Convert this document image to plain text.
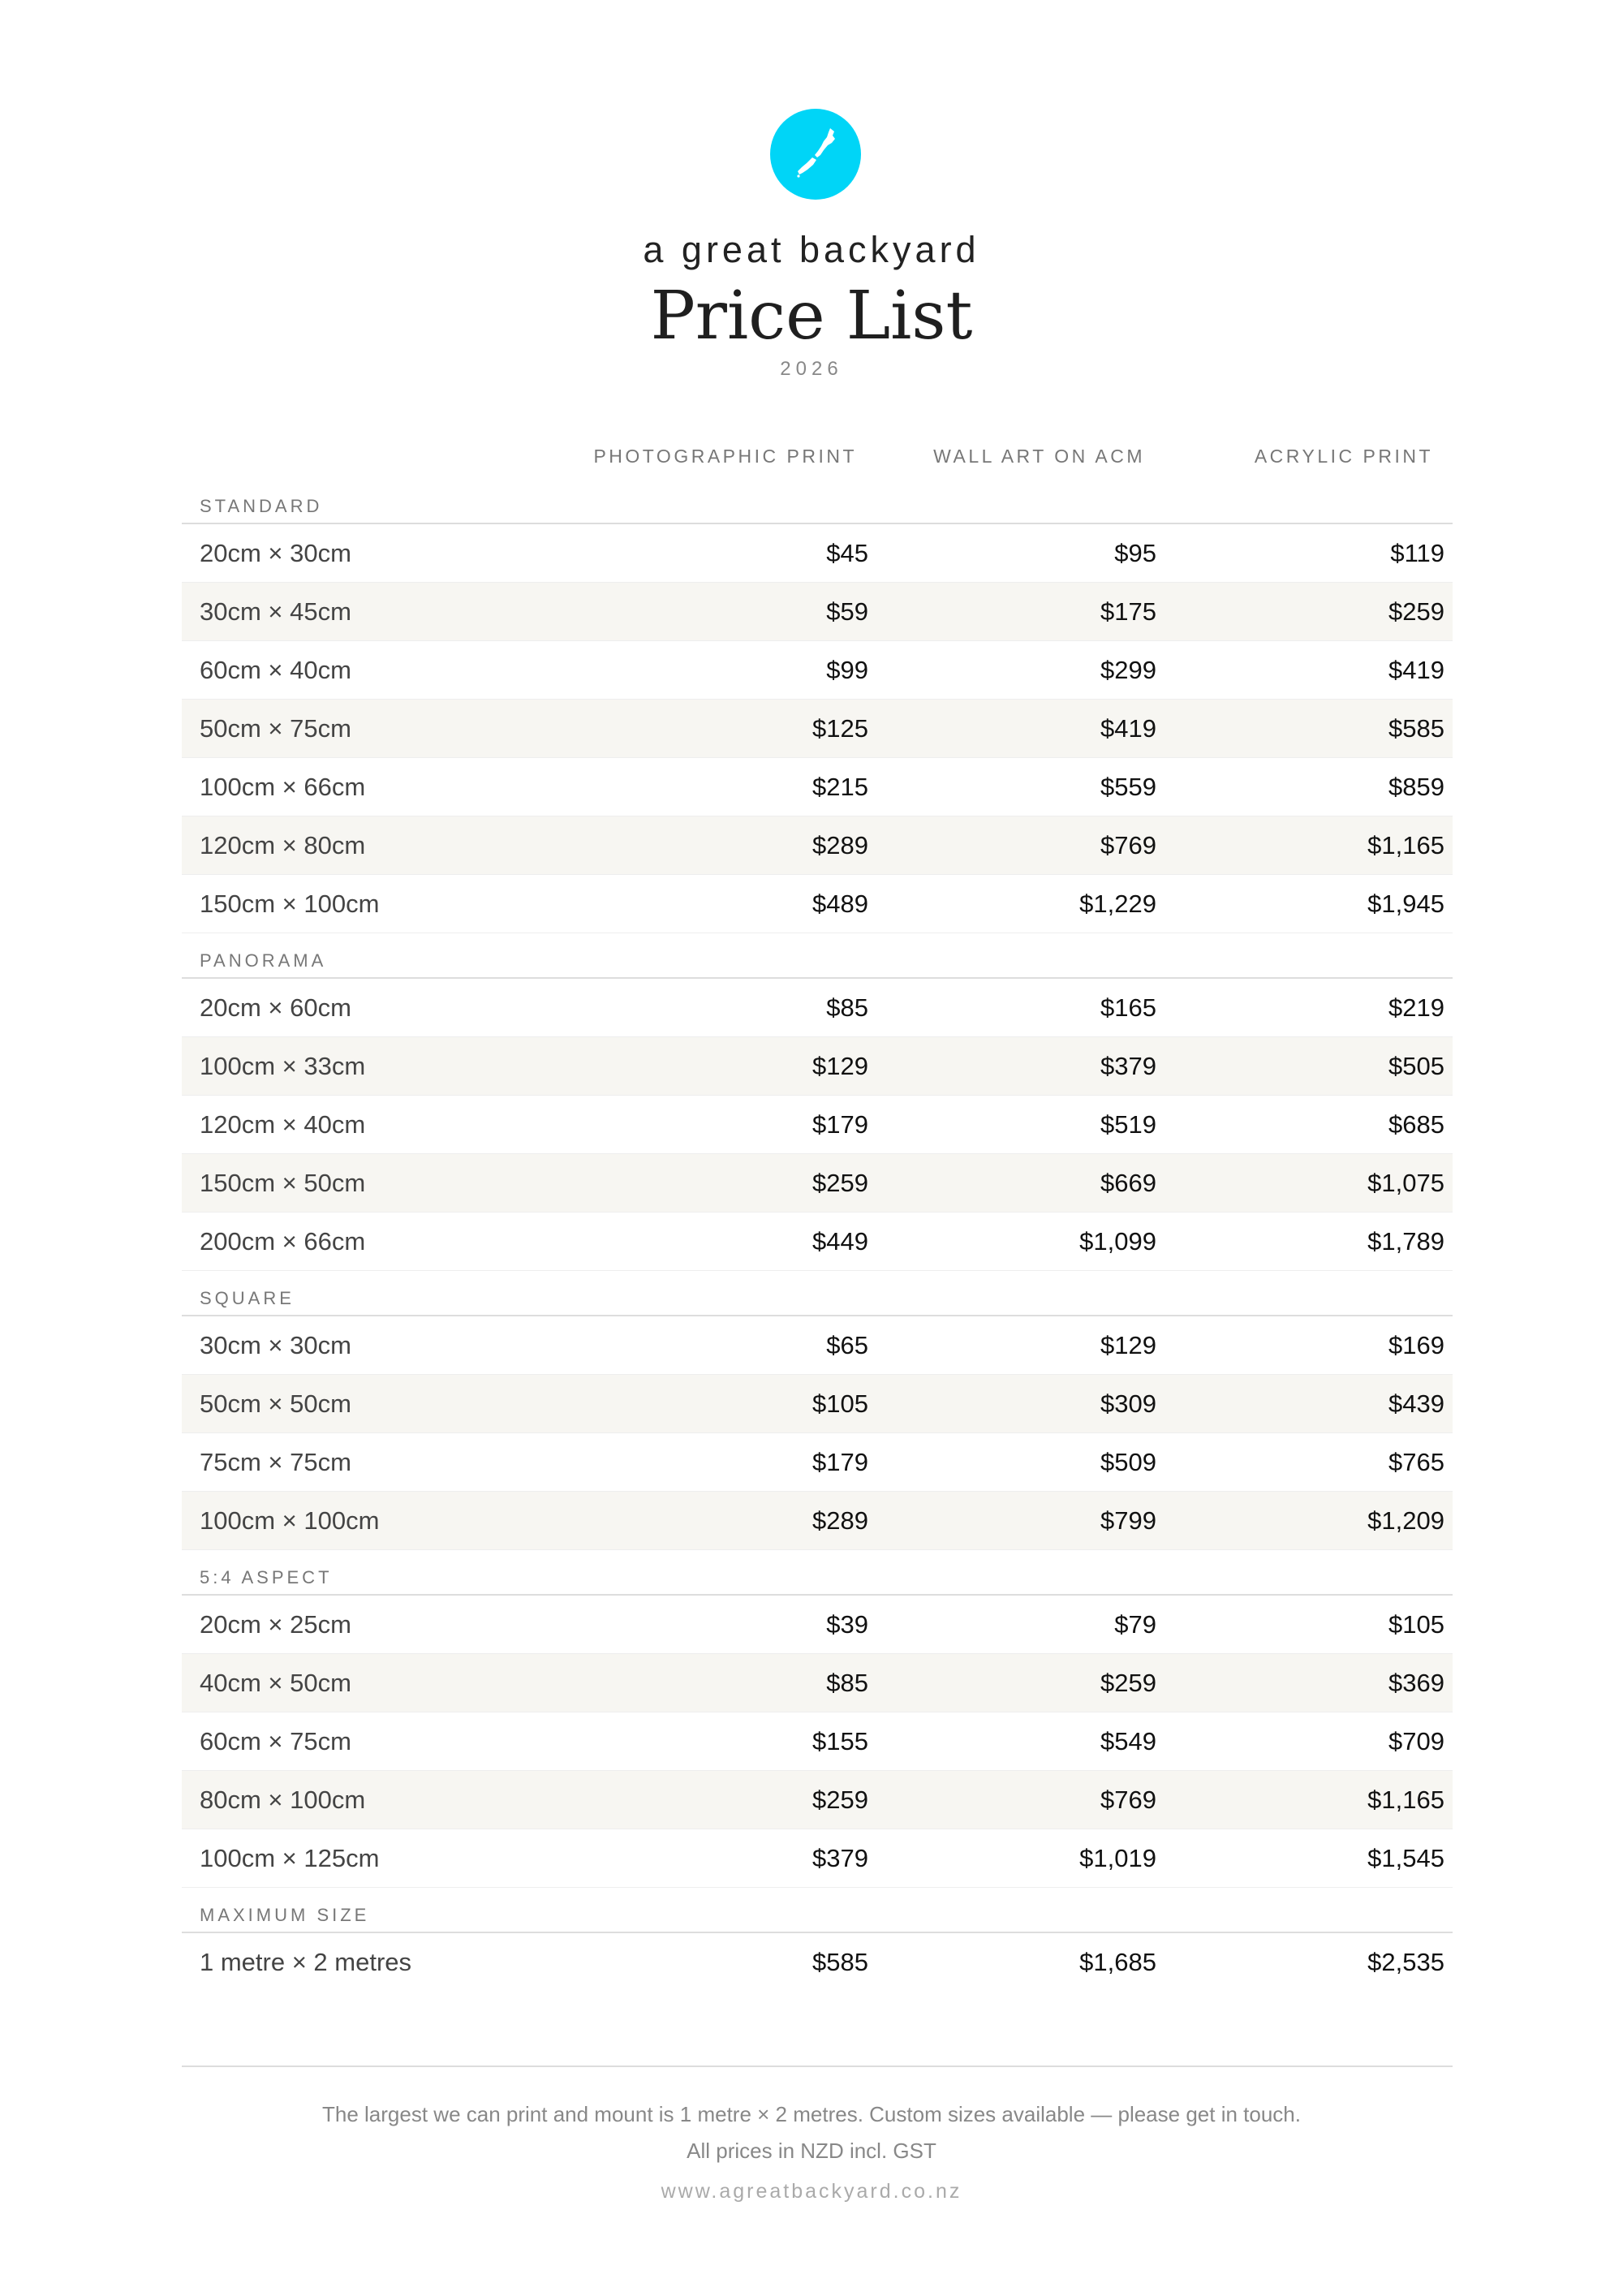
a great backyard
Price List
2026
PHOTOGRAPHIC PRINT	WALL ART ON ACM	ACRYLIC PRINT
STANDARD
20cm × 30cm	$45	$95	$119
30cm × 45cm	$59	$175	$259
60cm × 40cm	$99	$299	$419
50cm × 75cm	$125	$419	$585
100cm × 66cm	$215	$559	$859
120cm × 80cm	$289	$769	$1,165
150cm × 100cm	$489	$1,229	$1,945
PANORAMA
20cm × 60cm	$85	$165	$219
100cm × 33cm	$129	$379	$505
120cm × 40cm	$179	$519	$685
150cm × 50cm	$259	$669	$1,075
200cm × 66cm	$449	$1,099	$1,789
SQUARE
30cm × 30cm	$65	$129	$169
50cm × 50cm	$105	$309	$439
75cm × 75cm	$179	$509	$765
100cm × 100cm	$289	$799	$1,209
5:4 ASPECT
20cm × 25cm	$39	$79	$105
40cm × 50cm	$85	$259	$369
60cm × 75cm	$155	$549	$709
80cm × 100cm	$259	$769	$1,165
100cm × 125cm	$379	$1,019	$1,545
MAXIMUM SIZE
1 metre × 2 metres	$585	$1,685	$2,535
The largest we can print and mount is 1 metre × 2 metres. Custom sizes available — please get in touch.
All prices in NZD incl. GST
www.agreatbackyard.co.nz
